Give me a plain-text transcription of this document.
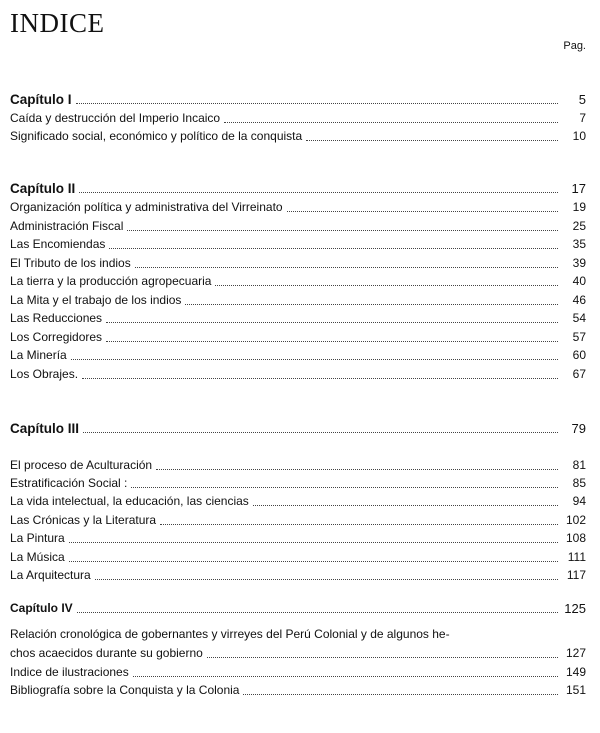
INDICE
Pag.
Capítulo I	5
Caída y destrucción del Imperio Incaico	7
Significado social, económico y político de la conquista	10
Capítulo II	17
Organización política y administrativa del Virreinato	19
Administración Fiscal	25
Las Encomiendas	35
El Tributo de los indios	39
La tierra y la producción agropecuaria	40
La Mita y el trabajo de los indios	46
Las Reducciones	54
Los Corregidores	57
La Minería	60
Los Obrajes.	67
Capítulo III	79
El proceso de Aculturación	81
Estratificación Social :	85
La vida intelectual, la educación, las ciencias	94
Las Crónicas y la Literatura	102
La Pintura	108
La Música	111
La Arquitectura	117
Capítulo IV	125
Relación cronológica de gobernantes y virreyes del Perú Colonial y de algunos he-
chos acaecidos durante su gobierno	127
Indice de ilustraciones	149
Bibliografía sobre la Conquista y la Colonia	151
